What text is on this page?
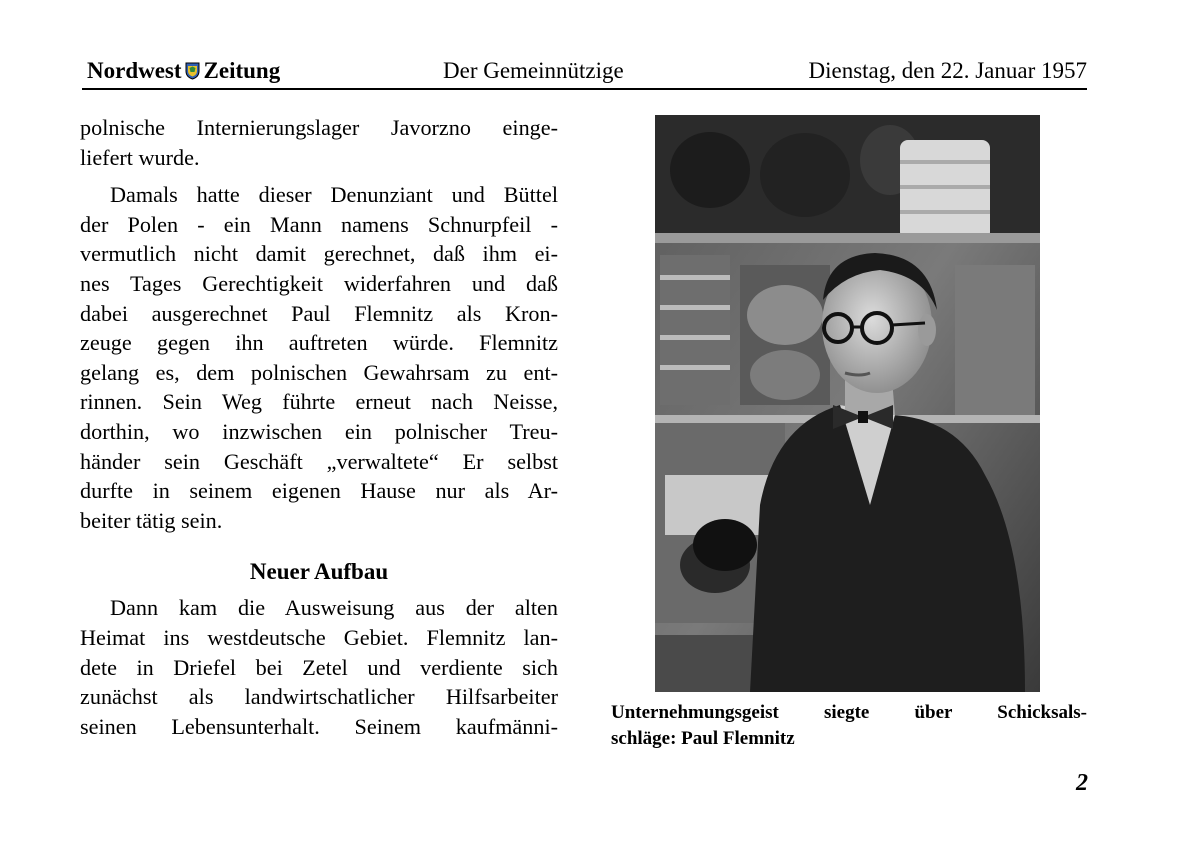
Nordwest Zeitung	Der Gemeinnützige	Dienstag, den 22. Januar 1957

polnische Internierungslager Javorzno einge-

liefert wurde.

Damals hatte dieser Denunziant und Büttel

der Polen - ein Mann namens Schnurpfeil -

vermutlich nicht damit gerechnet, daß ihm ei-

nes Tages Gerechtigkeit widerfahren und daß

dabei ausgerechnet Paul Flemnitz als Kron-

zeuge gegen ihn auftreten würde. Flemnitz

gelang es, dem polnischen Gewahrsam zu ent-

rinnen. Sein Weg führte erneut nach Neisse,

dorthin, wo inzwischen ein polnischer Treu-

händer sein Geschäft „verwaltete“ Er selbst

durfte in seinem eigenen Hause nur als Ar-

beiter tätig sein.

Neuer Aufbau

Dann kam die Ausweisung aus der alten

Heimat ins westdeutsche Gebiet. Flemnitz lan-

dete in Driefel bei Zetel und verdiente sich

zunächst als landwirtschatlicher Hilfsarbeiter

seinen Lebensunterhalt. Seinem kaufmänni-

Unternehmungsgeist siegte über Schicksals-
schläge: Paul Flemnitz
2
